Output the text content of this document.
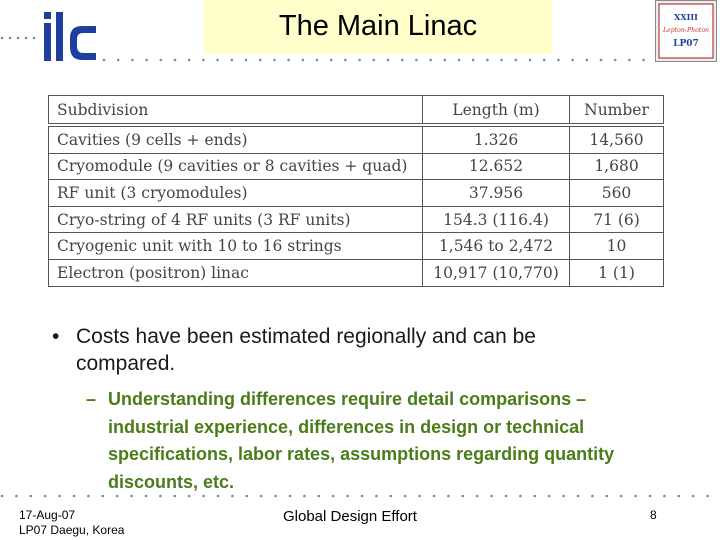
The Main Linac	XXIII
Lepton-Photon
LP07
Subdivision	Length (m)	Number
Cavities (9 cells + ends)	1.326	14,560
Cryomodule (9 cavities or 8 cavities + quad)	12.652	1,680
RF unit (3 cryomodules)	37.956	560
Cryo-string of 4 RF units (3 RF units)	154.3 (116.4)	71 (6)
Cryogenic unit with 10 to 16 strings	1,546 to 2,472	10
Electron (positron) linac	10,917 (10,770)	1 (1)
• Costs have been estimated regionally and can be compared.
– Understanding differences require detail comparisons – industrial experience, differences in design or technical specifications, labor rates, assumptions regarding quantity discounts, etc.
17-Aug-07
LP07 Daegu, Korea
Global Design Effort	8
